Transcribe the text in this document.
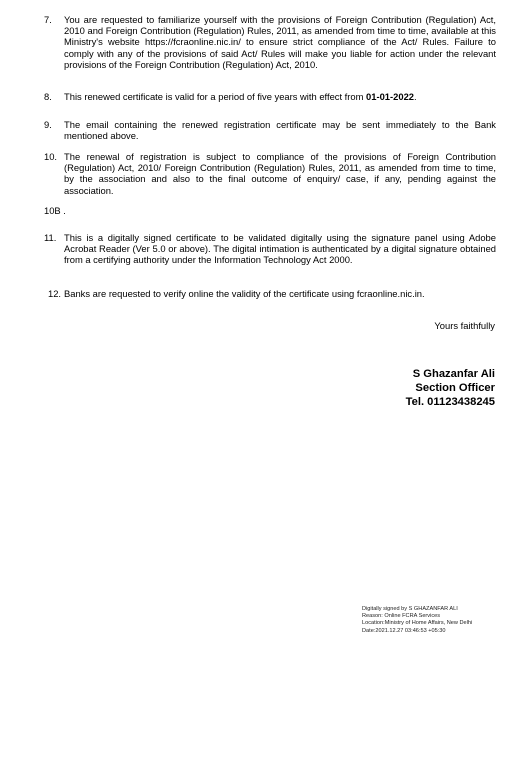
7. You are requested to familiarize yourself with the provisions of Foreign Contribution (Regulation) Act, 2010 and Foreign Contribution (Regulation) Rules, 2011, as amended from time to time, available at this Ministry's website https://fcraonline.nic.in/ to ensure strict compliance of the Act/ Rules. Failure to comply with any of the provisions of said Act/ Rules will make you liable for action under the relevant provisions of the Foreign Contribution (Regulation) Act, 2010.
8. This renewed certificate is valid for a period of five years with effect from 01-01-2022.
9. The email containing the renewed registration certificate may be sent immediately to the Bank mentioned above.
10. The renewal of registration is subject to compliance of the provisions of Foreign Contribution (Regulation) Act, 2010/ Foreign Contribution (Regulation) Rules, 2011, as amended from time to time, by the association and also to the final outcome of enquiry/ case, if any, pending against the association.
10B .
11. This is a digitally signed certificate to be validated digitally using the signature panel using Adobe Acrobat Reader (Ver 5.0 or above). The digital intimation is authenticated by a digital signature obtained from a certifying authority under the Information Technology Act 2000.
12. Banks are requested to verify online the validity of the certificate using fcraonline.nic.in.
Yours faithfully
S Ghazanfar Ali
Section Officer
Tel. 01123438245
Digitally signed by S GHAZANFAR ALI
Reason: Online FCRA Services
Location:Ministry of Home Affairs, New Delhi
Date:2021.12.27 03:46:53 +05:30
